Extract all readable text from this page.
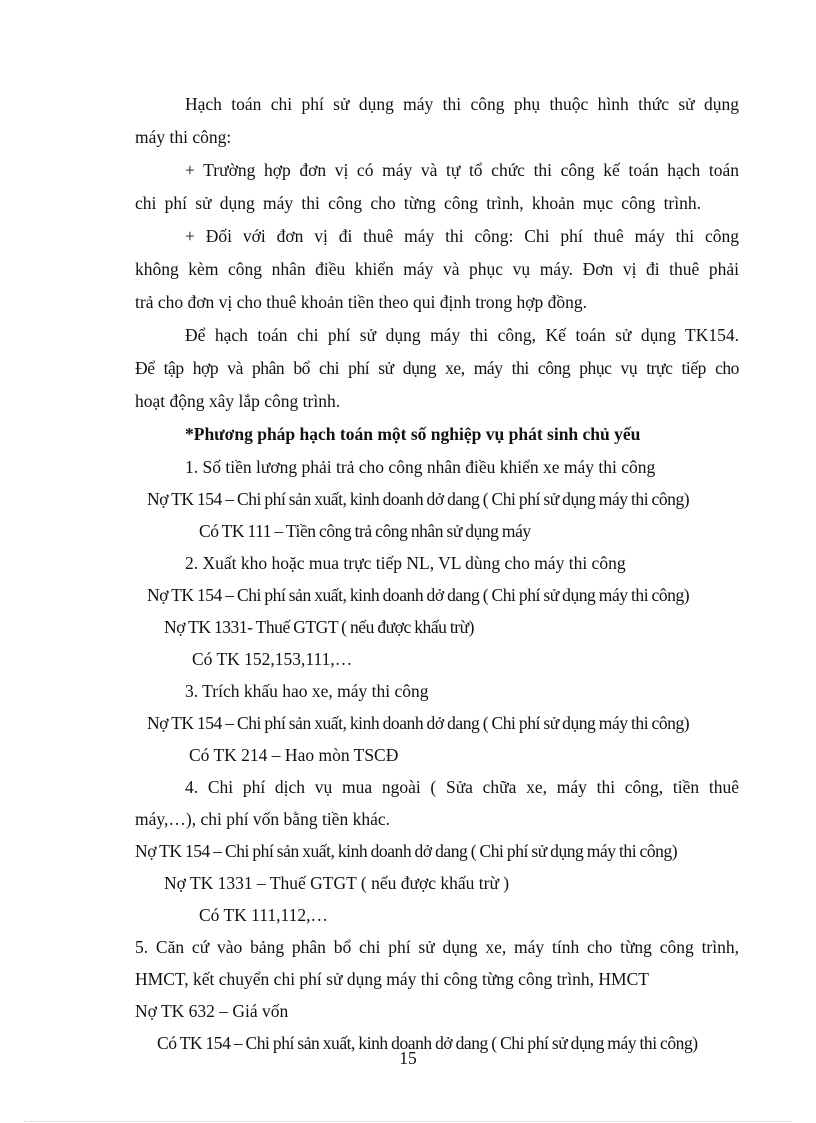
Hạch toán chi phí sử dụng máy thi công phụ thuộc hình thức sử dụng
máy thi công:
+ Trường hợp đơn vị có máy và tự tổ chức thi công kế toán hạch toán
chi phí sử dụng máy thi công cho từng công trình, khoản mục công trình.
+ Đối với đơn vị đi thuê máy thi công: Chi phí thuê máy thi công
không kèm công nhân điều khiển máy và phục vụ máy. Đơn vị đi thuê phải
trả cho đơn vị cho thuê khoản tiền theo qui định trong hợp đồng.
Để hạch toán chi phí sử dụng máy thi công, Kế toán sử dụng TK154.
Để tập hợp và phân bổ chi phí sử dụng xe, máy thi công phục vụ trực tiếp cho
hoạt động xây lắp công trình.
*Phương pháp hạch toán một số nghiệp vụ phát sinh chủ yếu
1. Số tiền lương phải trả cho công nhân điều khiển xe máy thi công
Nợ TK 154 – Chi phí sản xuất, kinh doanh dở dang ( Chi phí sử dụng máy thi công)
Có TK 111 – Tiền công trả công nhân sử dụng máy
2. Xuất kho hoặc mua trực tiếp NL, VL dùng cho máy thi công
Nợ TK 154 – Chi phí sản xuất, kinh doanh dở dang ( Chi phí sử dụng máy thi công)
Nợ TK 1331- Thuế GTGT ( nếu được khấu trừ)
Có TK 152,153,111,…
3. Trích khấu hao xe, máy thi công
Nợ TK 154 – Chi phí sản xuất, kinh doanh dở dang ( Chi phí sử dụng máy thi công)
Có TK 214 – Hao mòn TSCĐ
4. Chi phí dịch vụ mua ngoài ( Sửa chữa xe, máy thi công, tiền thuê
máy,…), chi phí vốn bằng tiền khác.
Nợ TK 154 – Chi phí sản xuất, kinh doanh dở dang ( Chi phí sử dụng máy thi công)
Nợ TK 1331 – Thuế GTGT ( nếu được khấu trừ )
Có TK 111,112,…
5. Căn cứ vào bảng phân bổ chi phí sử dụng xe, máy tính cho từng công trình,
HMCT, kết chuyển chi phí sử dụng máy thi công từng công trình, HMCT
Nợ TK 632 – Giá vốn
Có TK 154 – Chi phí sản xuất, kinh doanh dở dang ( Chi phí sử dụng máy thi công)
15
